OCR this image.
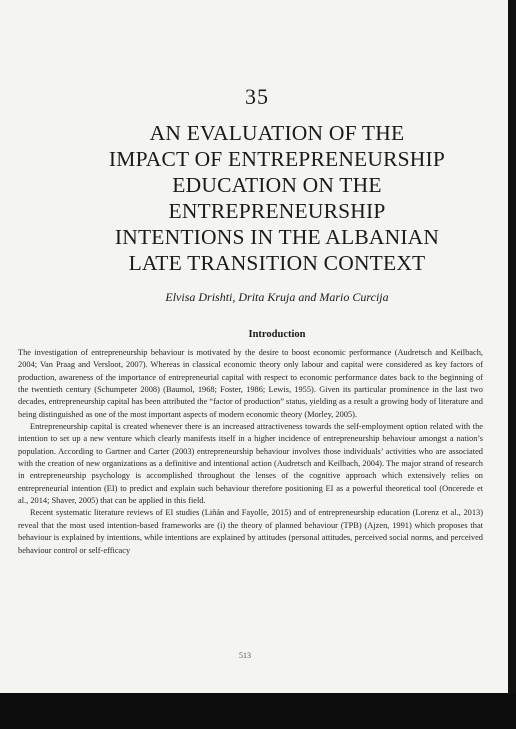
35
AN EVALUATION OF THE
IMPACT OF ENTREPRENEURSHIP
EDUCATION ON THE
ENTREPRENEURSHIP
INTENTIONS IN THE ALBANIAN
LATE TRANSITION CONTEXT
Elvisa Drishti, Drita Kruja and Mario Curcija
Introduction

The investigation of entrepreneurship behaviour is motivated by the desire to boost economic performance (Audretsch and Keilbach, 2004; Van Praag and Versloot, 2007). Whereas in classical economic theory only labour and capital were considered as key factors of production, awareness of the importance of entrepreneurial capital with respect to economic performance dates back to the beginning of the twentieth century (Schumpeter 2008) (Baumol, 1968; Foster, 1986; Lewis, 1955). Given its particular prominence in the last two decades, entrepreneurship capital has been attributed the “factor of production” status, yielding as a result a growing body of literature and being distinguished as one of the most important aspects of modern economic theory (Morley, 2005).

Entrepreneurship capital is created whenever there is an increased attractiveness towards the self-employment option related with the intention to set up a new venture which clearly manifests itself in a higher incidence of entrepreneurship behaviour amongst a nation’s population. According to Gartner and Carter (2003) entrepreneurship behaviour involves those individuals’ activities who are associated with the creation of new organizations as a definitive and intentional action (Audretsch and Keilbach, 2004). The major strand of research in entrepreneurship psychology is accomplished throughout the lenses of the cognitive approach which extensively relies on entrepreneurial intention (EI) to predict and explain such behaviour therefore positioning EI as a powerful theoretical tool (Oncerede et al., 2014; Shaver, 2005) that can be applied in this field.

Recent systematic literature reviews of EI studies (Liñán and Fayolle, 2015) and of entrepreneurship education (Lorenz et al., 2013) reveal that the most used intention-based frameworks are (i) the theory of planned behaviour (TPB) (Ajzen, 1991) which proposes that behaviour is explained by intentions, while intentions are explained by attitudes (personal attitudes, perceived social norms, and perceived behaviour control or self-efficacy

513
